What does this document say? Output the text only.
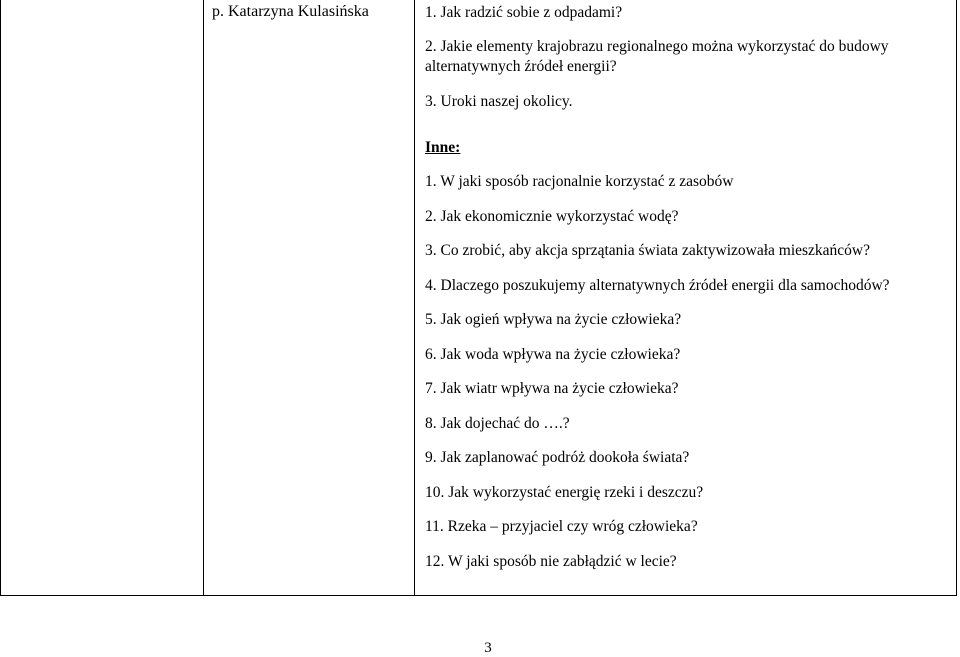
p. Katarzyna Kulasińska	1. Jak radzić sobie z odpadami?
2. Jakie elementy krajobrazu regionalnego można wykorzystać do budowy
alternatywnych źródeł energii?
3. Uroki naszej okolicy.
Inne:
1. W jaki sposób racjonalnie korzystać z zasobów
2. Jak ekonomicznie wykorzystać wodę?
3. Co zrobić, aby akcja sprzątania świata zaktywizowała mieszkańców?
4. Dlaczego poszukujemy alternatywnych źródeł energii dla samochodów?
5. Jak ogień wpływa na życie człowieka?
6. Jak woda wpływa na życie człowieka?
7. Jak wiatr wpływa na życie człowieka?
8. Jak dojechać do ….?
9. Jak zaplanować podróż dookoła świata?
10. Jak wykorzystać energię rzeki i deszczu?
11. Rzeka – przyjaciel czy wróg człowieka?
12. W jaki sposób nie zabłądzić w lecie?
3
